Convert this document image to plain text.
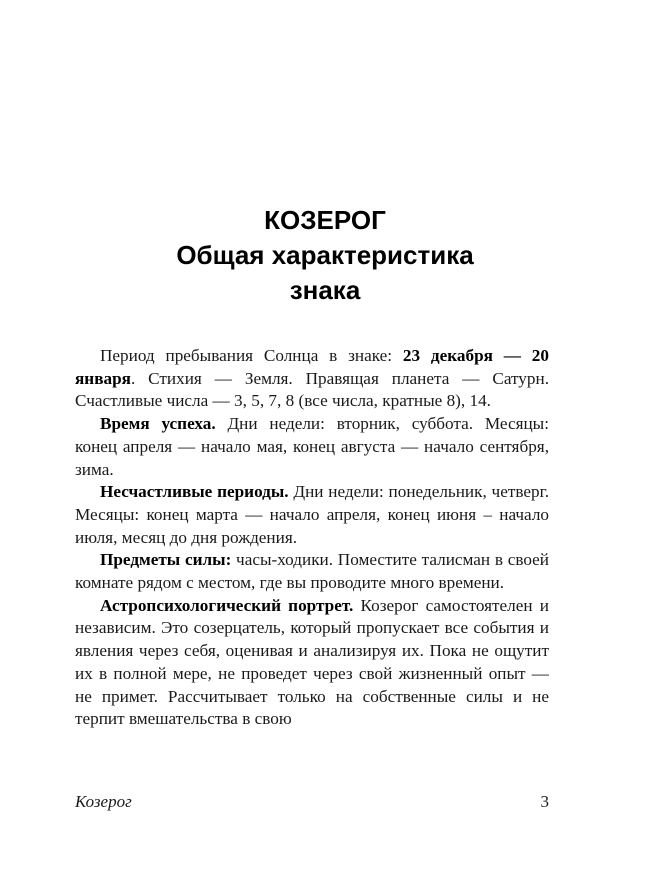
КОЗЕРОГ

Общая характеристика

знака

Период пребывания Солнца в знаке: 23 декабря — 20 января. Стихия — Земля. Правящая планета — Сатурн. Счастливые числа — 3, 5, 7, 8 (все числа, кратные 8), 14.

Время успеха. Дни недели: вторник, суббота. Месяцы: конец апреля — начало мая, конец августа — начало сентября, зима.

Несчастливые периоды. Дни недели: понедельник, четверг. Месяцы: конец марта — начало апреля, конец июня – начало июля, месяц до дня рождения.

Предметы силы: часы-ходики. Поместите талисман в своей комнате рядом с местом, где вы проводите много времени.

Астропсихологический портрет. Козерог самостоятелен и независим. Это созерцатель, который пропускает все события и явления через себя, оценивая и анализируя их. Пока не ощутит их в полной мере, не проведет через свой жизненный опыт — не примет. Рассчитывает только на собственные силы и не терпит вмешательства в свою

Козерог	3
